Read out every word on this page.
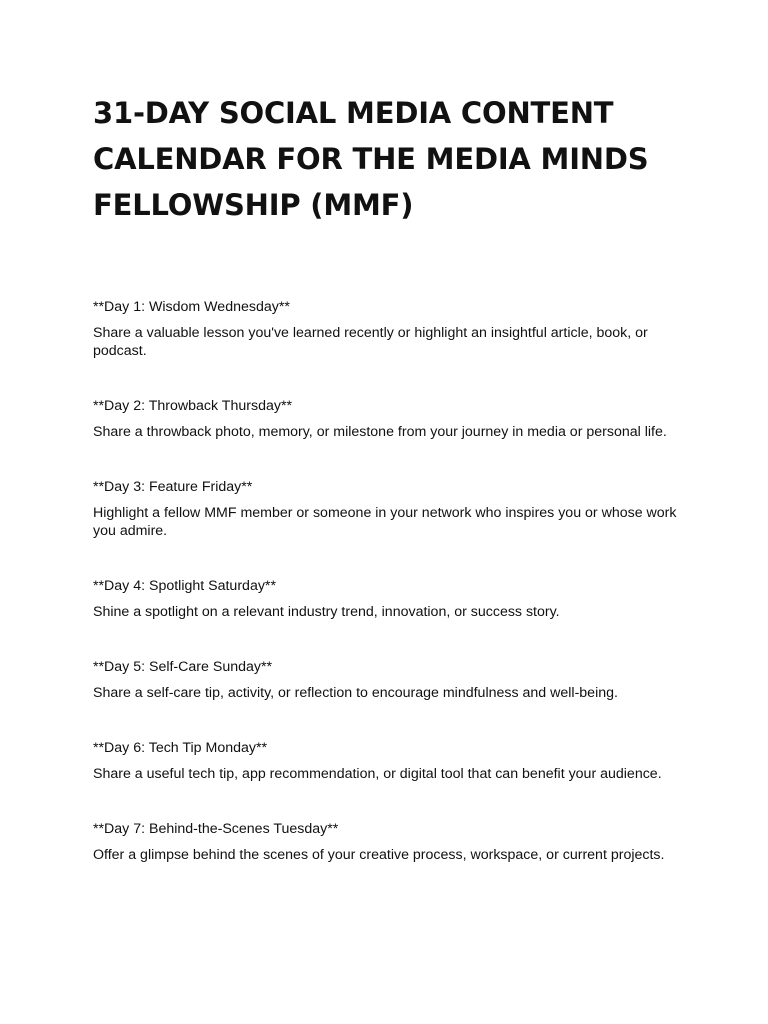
31-DAY SOCIAL MEDIA CONTENT CALENDAR FOR THE MEDIA MINDS FELLOWSHIP (MMF)

**Day 1: Wisdom Wednesday**

Share a valuable lesson you've learned recently or highlight an insightful article, book, or podcast.

**Day 2: Throwback Thursday**

Share a throwback photo, memory, or milestone from your journey in media or personal life.

**Day 3: Feature Friday**

Highlight a fellow MMF member or someone in your network who inspires you or whose work you admire.

**Day 4: Spotlight Saturday**

Shine a spotlight on a relevant industry trend, innovation, or success story.

**Day 5: Self-Care Sunday**

Share a self-care tip, activity, or reflection to encourage mindfulness and well-being.

**Day 6: Tech Tip Monday**

Share a useful tech tip, app recommendation, or digital tool that can benefit your audience.

**Day 7: Behind-the-Scenes Tuesday**

Offer a glimpse behind the scenes of your creative process, workspace, or current projects.
